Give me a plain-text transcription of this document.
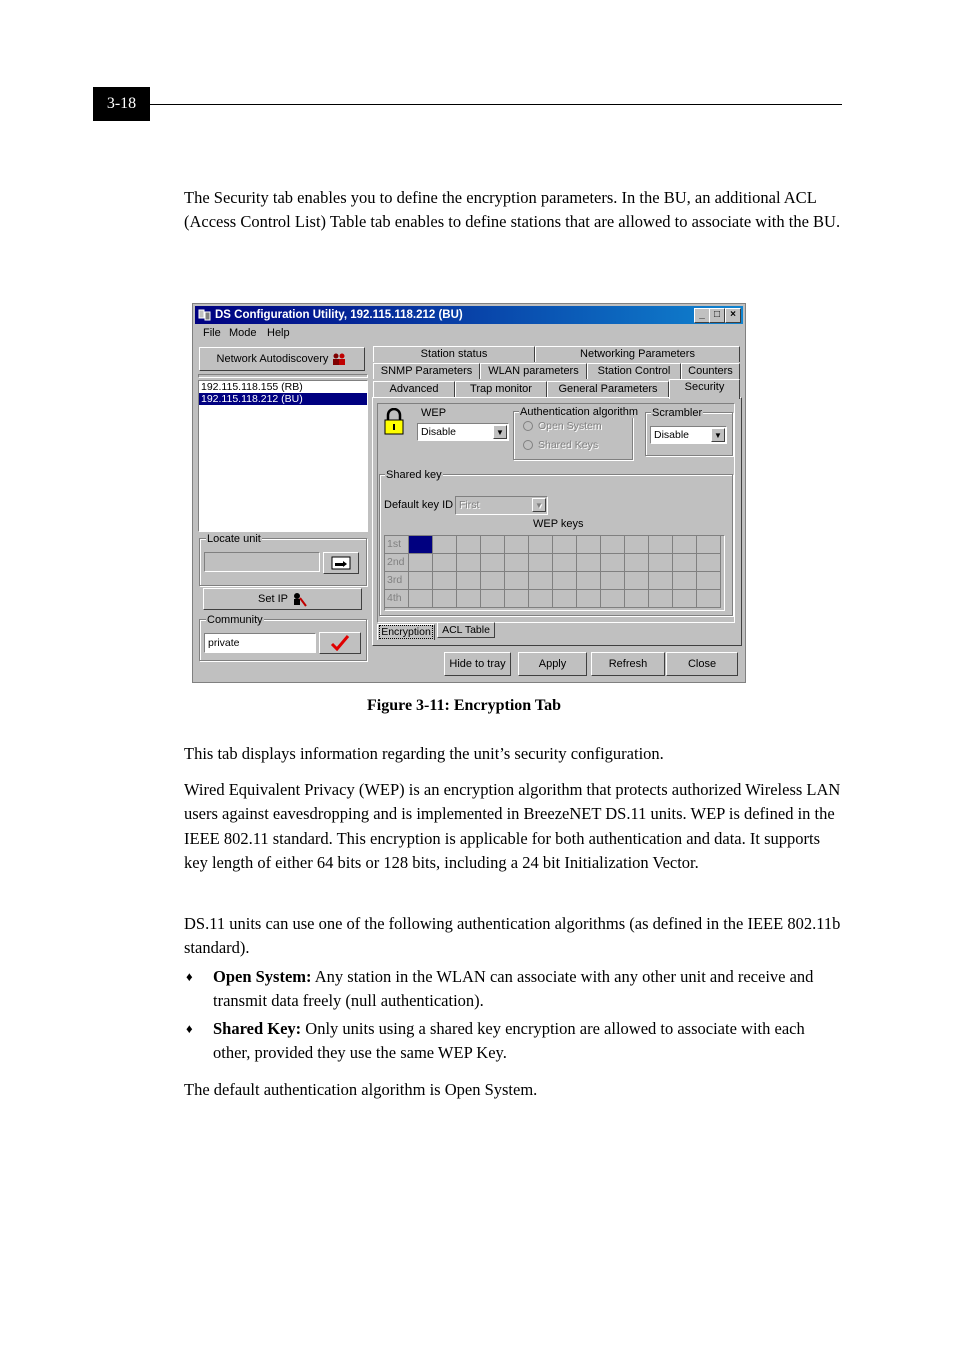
3-18

The Security tab enables you to define the encryption parameters. In the BU, an additional ACL (Access Control List) Table tab enables to define stations that are allowed to associate with the BU.

DS Configuration Utility, 192.115.118.212 (BU)	_ □	×
File Mode Help
Network Autodiscovery
192.115.118.155 (RB)
192.115.118.212 (BU)
Locate unit
Set IP
Community
private
Station status	Networking Parameters
SNMP Parameters	WLAN parameters	Station Control	Counters
Advanced	Trap monitor	General Parameters	Security
WEP
Disable	▼
Authentication algorithm
Open System
Shared Keys
Scrambler
Disable	▼
Shared key
Default key ID First	▼
WEP keys
1st
2nd
3rd
4th
Encryption	ACL Table
Hide to tray	Apply	Refresh	Close
Figure 3-11: Encryption Tab

This tab displays information regarding the unit’s security configuration.

Wired Equivalent Privacy (WEP) is an encryption algorithm that protects authorized Wireless LAN users against eavesdropping and is implemented in BreezeNET DS.11 units. WEP is defined in the IEEE 802.11 standard. This encryption is applicable for both authentication and data. It supports key length of either 64 bits or 128 bits, including a 24 bit Initialization Vector.

DS.11 units can use one of the following authentication algorithms (as defined in the IEEE 802.11b standard).

♦ Open System: Any station in the WLAN can associate with any other unit and receive and transmit data freely (null authentication).
♦ Shared Key: Only units using a shared key encryption are allowed to associate with each other, provided they use the same WEP Key.

The default authentication algorithm is Open System.
